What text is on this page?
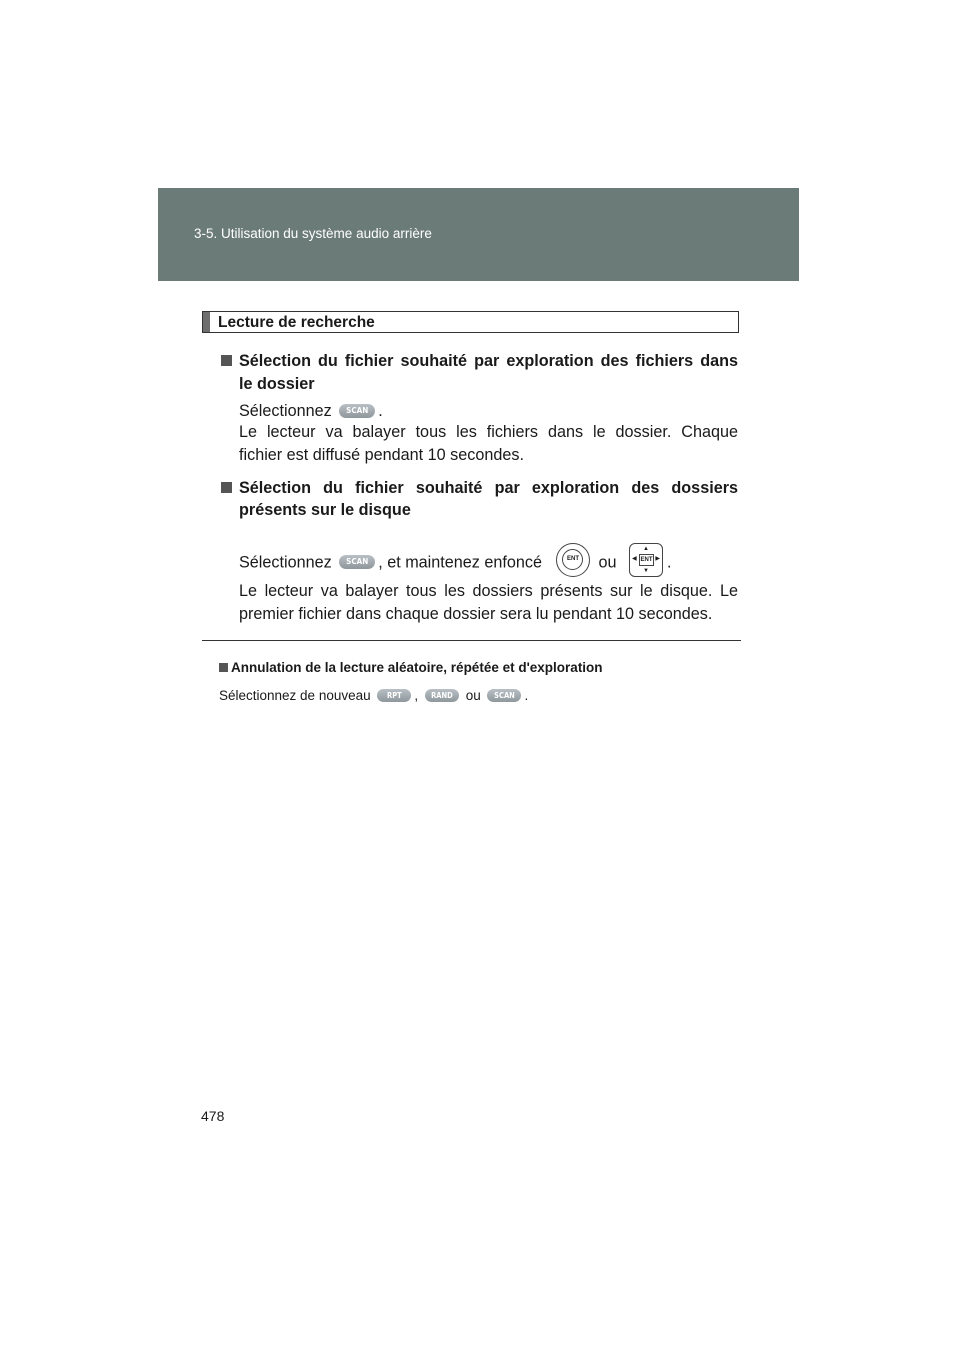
3-5. Utilisation du système audio arrière
Lecture de recherche
Sélection du fichier souhaité par exploration des fichiers dans
le dossier
Sélectionnez SCAN .
Le lecteur va balayer tous les fichiers dans le dossier. Chaque
fichier est diffusé pendant 10 secondes.
Sélection du fichier souhaité par exploration des dossiers
présents sur le disque
Sélectionnez SCAN , et maintenez enfoncé	ENT ou
▲
▼
◀	▶
ENT .
Le lecteur va balayer tous les dossiers présents sur le disque. Le
premier fichier dans chaque dossier sera lu pendant 10 secondes.
Annulation de la lecture aléatoire, répétée et d'exploration
Sélectionnez de nouveau RPT , RAND ou SCAN .
478
